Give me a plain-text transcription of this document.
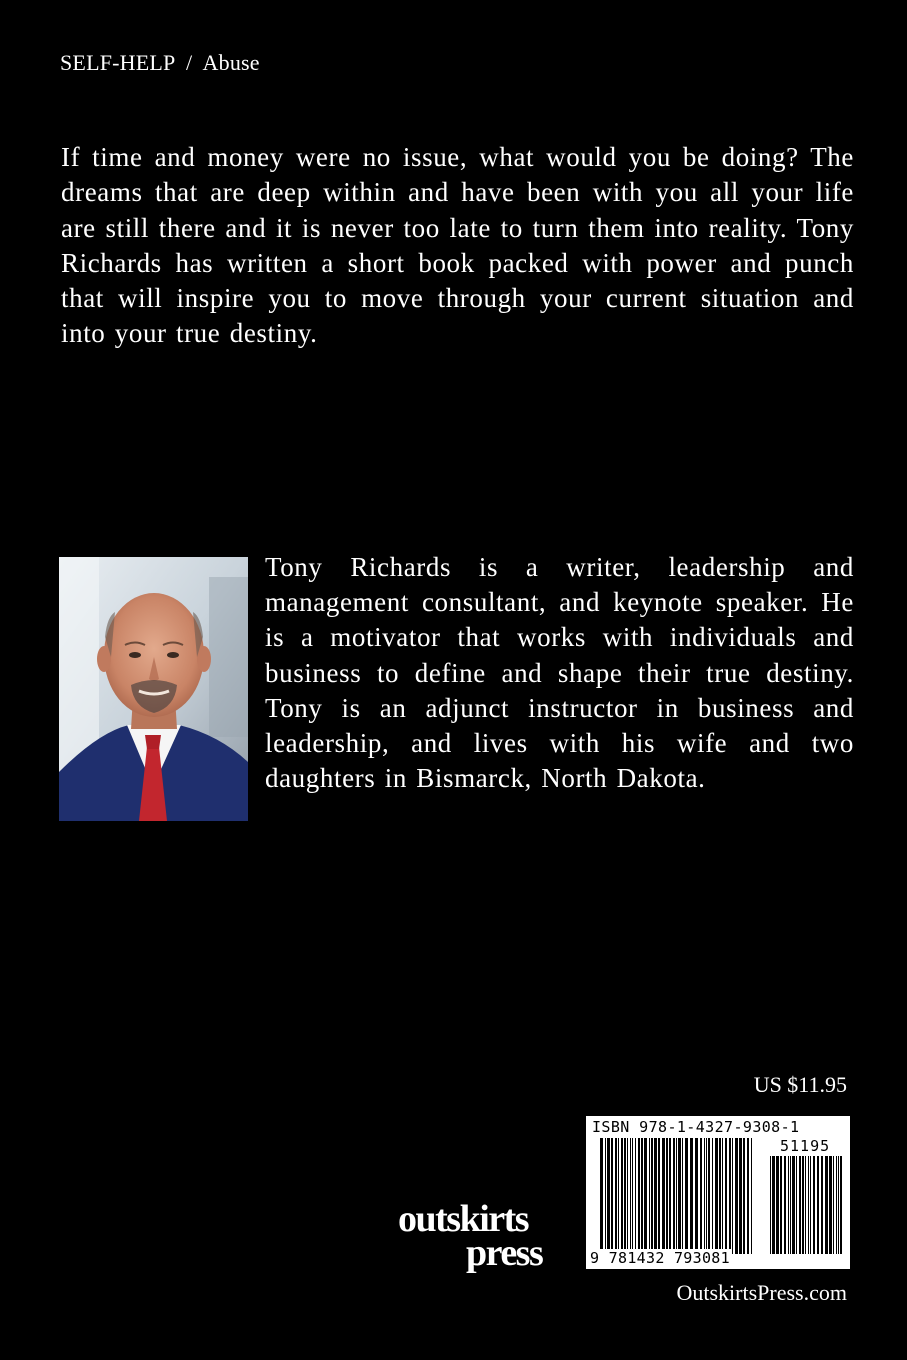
SELF-HELP  /  Abuse

If time and money were no issue, what would you be doing? The dreams that are deep within and have been with you all your life are still there and it is never too late to turn them into reality. Tony Richards has written a short book packed with power and punch that will inspire you to move through your current situation and into your true destiny.

Tony Richards is a writer, leadership and management consultant, and keynote speaker. He is a motivator that works with individuals and business to define and shape their true destiny. Tony is an adjunct instructor in business and leadership, and lives with his wife and two daughters in Bismarck, North Dakota.

US $11.95
ISBN 978-1-4327-9308-1
51195
9 781432 793081
outskirts
press
OutskirtsPress.com
